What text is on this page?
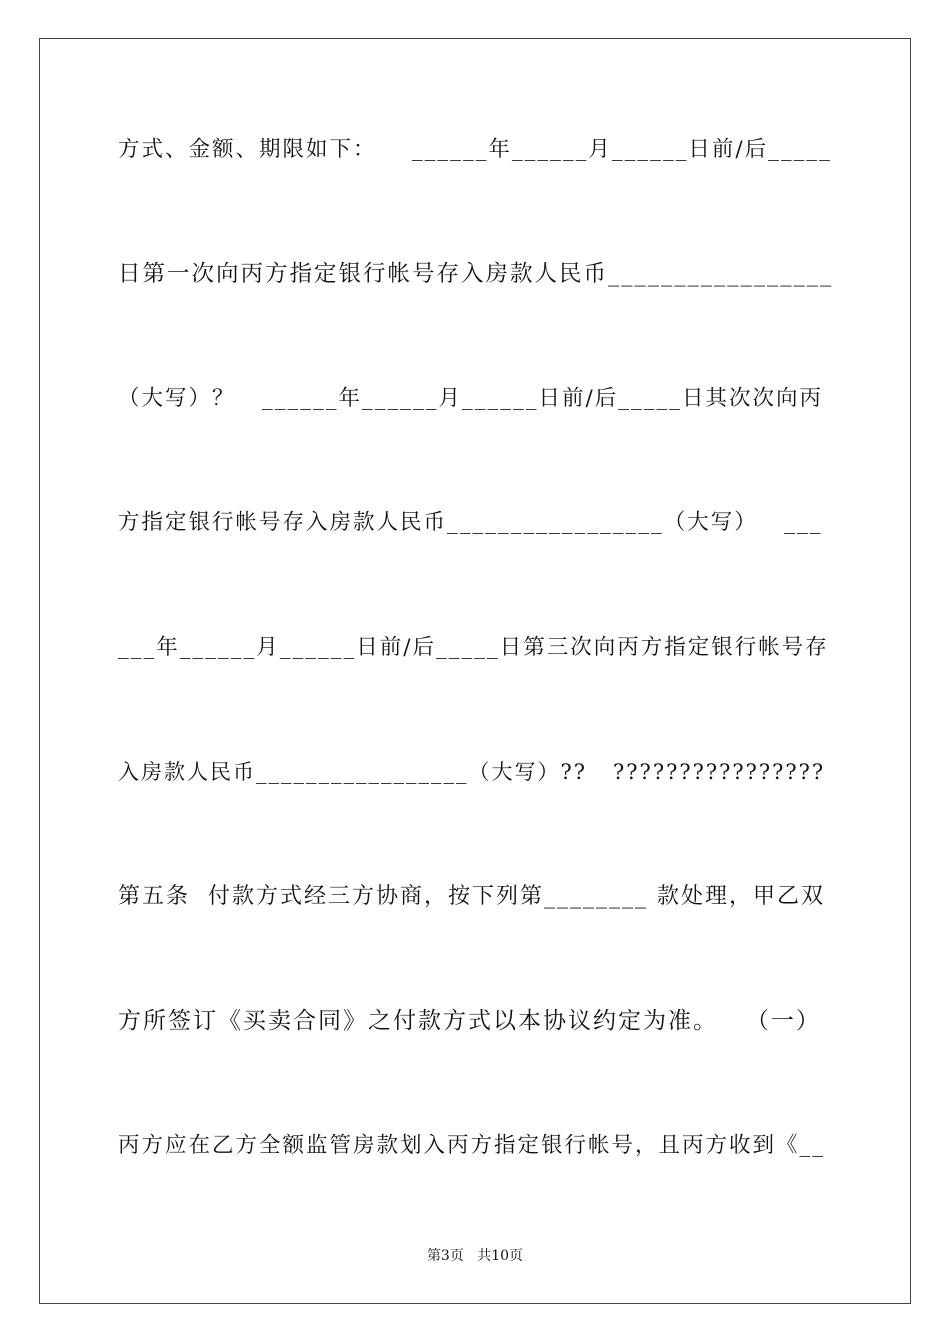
方式、金额、期限如下：    ______年______月______日前/后_____
日第一次向丙方指定银行帐号存入房款人民币_________________
（大写）？   ______年______月______日前/后_____日其次次向丙
方指定银行帐号存入房款人民币_________________（大写）   ___
___年______月______日前/后_____日第三次向丙方指定银行帐号存
入房款人民币_________________（大写）??   ????????????????
第五条  付款方式经三方协商，按下列第________ 款处理，甲乙双
方所签订《买卖合同》之付款方式以本协议约定为准。   （一）
丙方应在乙方全额监管房款划入丙方指定银行帐号，且丙方收到《__
第3页 共10页
